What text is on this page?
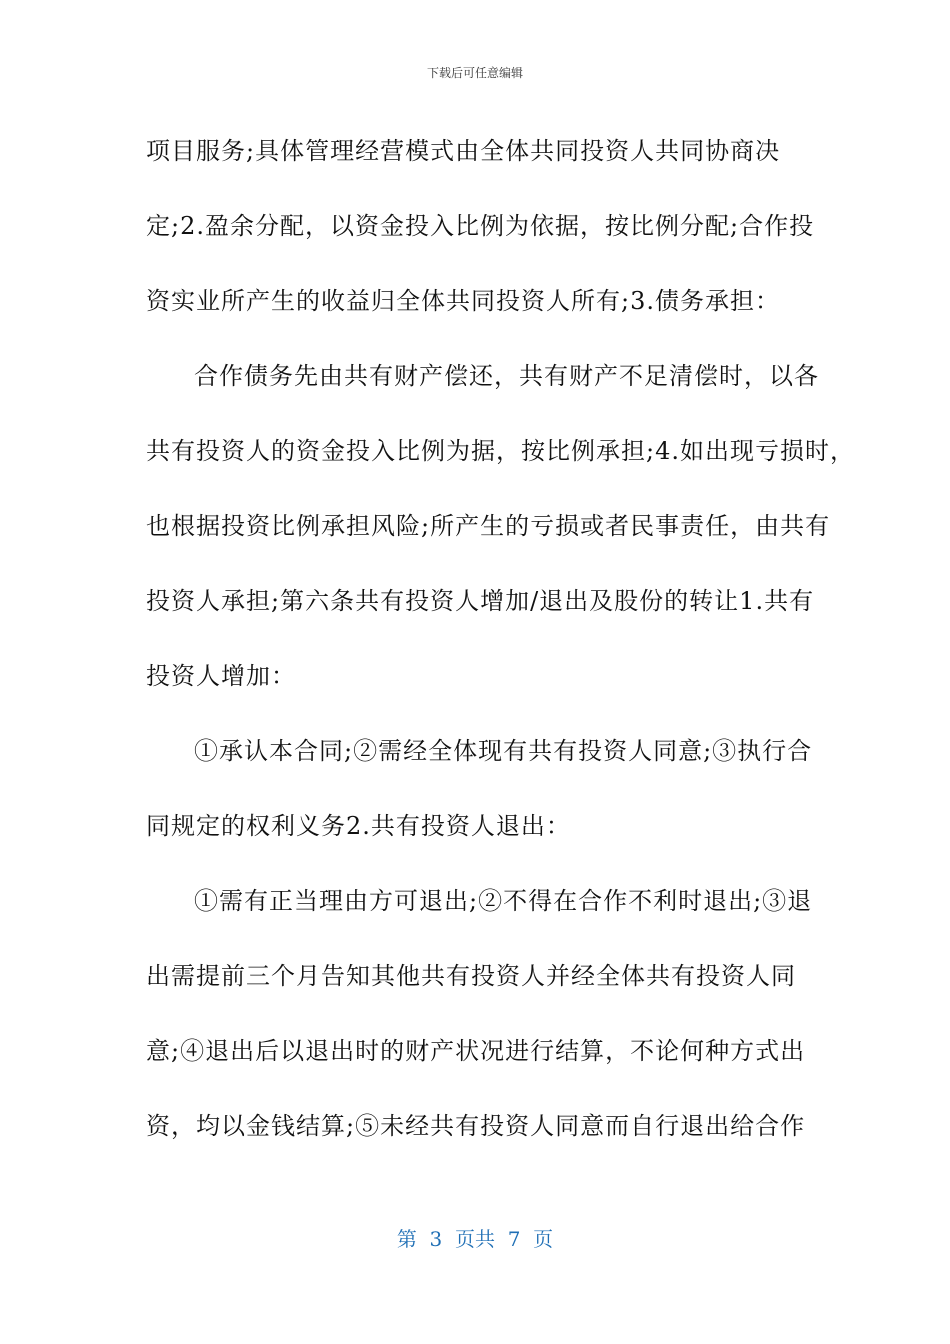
下载后可任意编辑
项目服务;具体管理经营模式由全体共同投资人共同协商决
定;2.盈余分配，以资金投入比例为依据，按比例分配;合作投
资实业所产生的收益归全体共同投资人所有;3.债务承担：
合作债务先由共有财产偿还，共有财产不足清偿时，以各
共有投资人的资金投入比例为据，按比例承担;4.如出现亏损时，
也根据投资比例承担风险;所产生的亏损或者民事责任，由共有
投资人承担;第六条共有投资人增加/退出及股份的转让1.共有
投资人增加：
①承认本合同;②需经全体现有共有投资人同意;③执行合
同规定的权利义务2.共有投资人退出：
①需有正当理由方可退出;②不得在合作不利时退出;③退
出需提前三个月告知其他共有投资人并经全体共有投资人同
意;④退出后以退出时的财产状况进行结算，不论何种方式出
资，均以金钱结算;⑤未经共有投资人同意而自行退出给合作
第  3  页共  7  页
